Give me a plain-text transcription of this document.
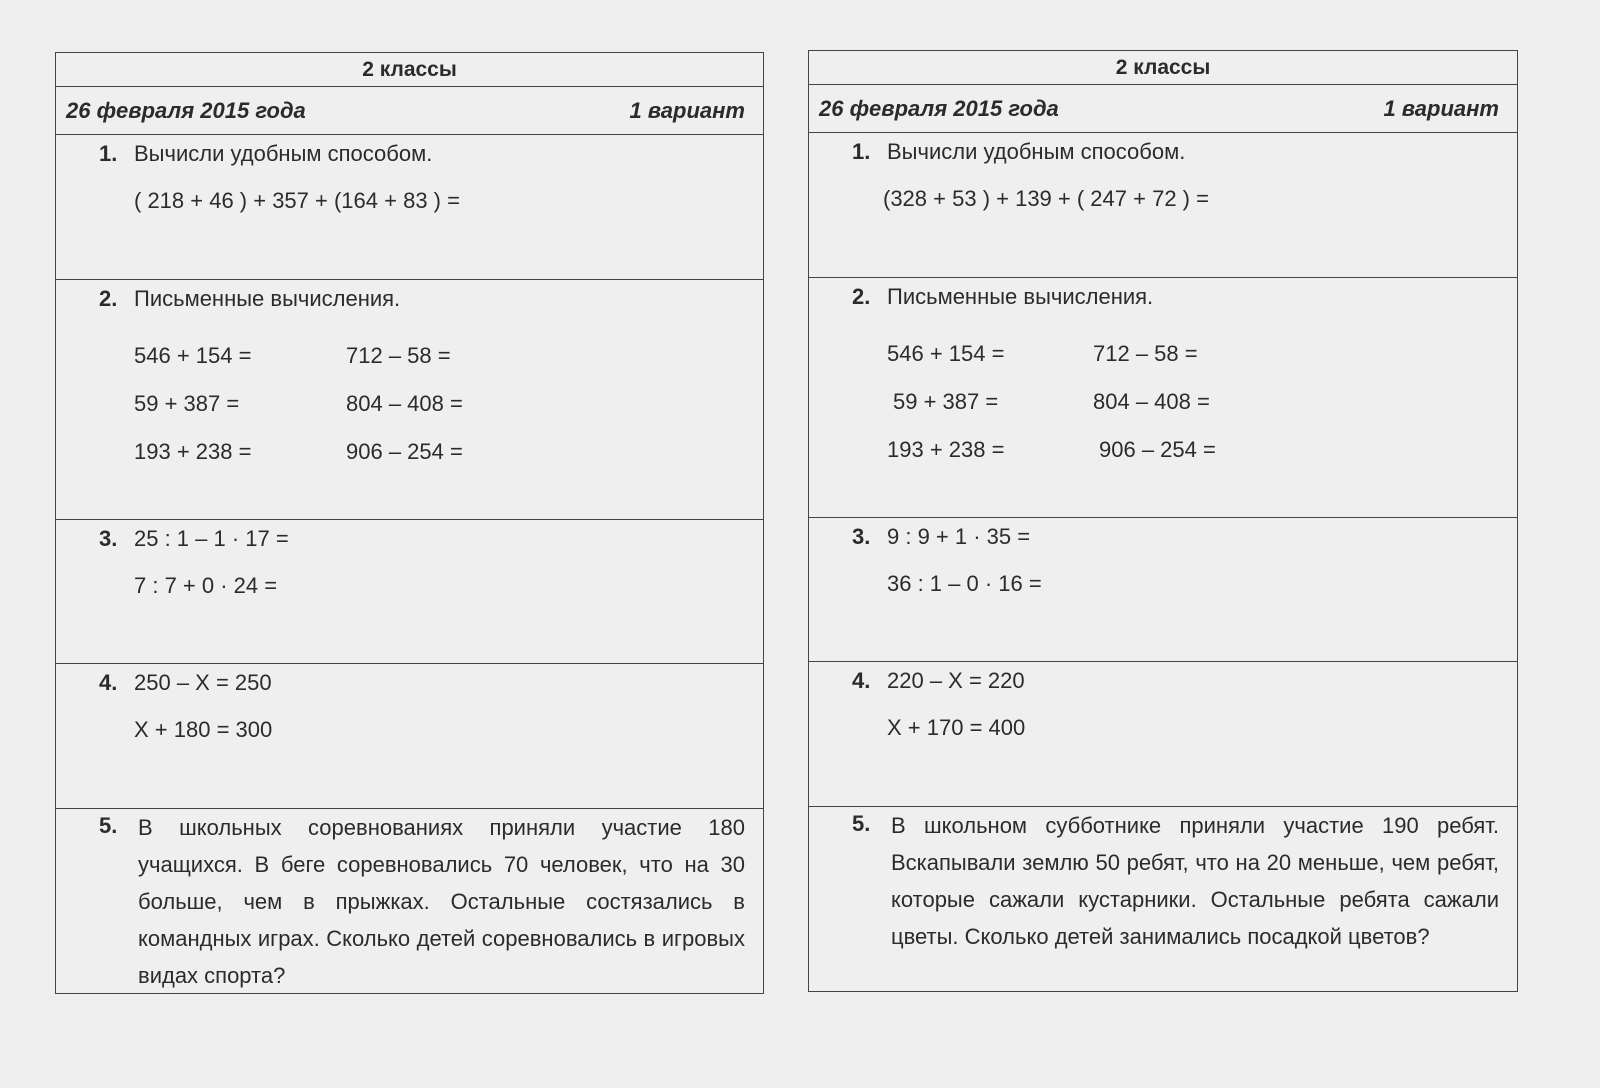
2 классы
26 февраля 2015 года	1 вариант
1. Вычисли удобным способом.
( 218 + 46 ) + 357 + (164 + 83 ) =
2. Письменные вычисления.
546 + 154 =	712 – 58 =
59 + 387 =	804 – 408 =
193 + 238 =	906 – 254 =
3. 25 : 1 – 1 · 17 =
7 : 7 + 0 · 24 =
4. 250 – Х = 250
Х + 180 = 300
5. В школьных соревнованиях приняли участие 180 учащихся. В беге соревновались 70 человек, что на 30 больше, чем в прыжках. Остальные состязались в командных играх. Сколько детей соревновались в игровых видах спорта?
2 классы
26 февраля 2015 года	1 вариант
1. Вычисли удобным способом.
(328 + 53 ) + 139 + ( 247 + 72 ) =
2. Письменные вычисления.
546 + 154 =	712 – 58 =
59 + 387 =	804 – 408 =
193 + 238 =	906 – 254 =
3. 9 : 9 + 1 · 35 =
36 : 1 – 0 · 16 =
4. 220 – Х = 220
Х + 170 = 400
5. В школьном субботнике приняли участие 190 ребят. Вскапывали землю 50 ребят, что на 20 меньше, чем ребят, которые сажали кустарники. Остальные ребята сажали цветы. Сколько детей занимались посадкой цветов?
